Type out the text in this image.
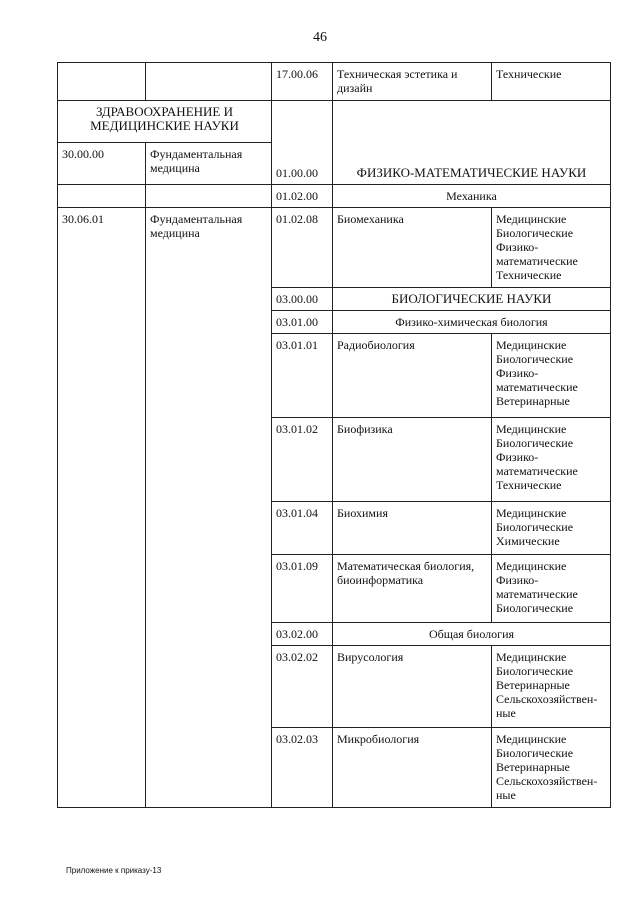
46
		17.00.06	Техническая эстетика и дизайн	Технические
ЗДРАВООХРАНЕНИЕ И МЕДИЦИНСКИЕ НАУКИ		01.00.00	ФИЗИКО-МАТЕМАТИЧЕСКИЕ НАУКИ	
30.00.00	Фундаментальная медицина			
		01.02.00	Механика	
30.06.01	Фундаментальная медицина	01.02.08	Биомеханика	Медицинские
Биологические
Физико-
математические
Технические
		03.00.00	БИОЛОГИЧЕСКИЕ НАУКИ	
		03.01.00	Физико-химическая биология	
		03.01.01	Радиобиология	Медицинские
Биологические
Физико-
математические
Ветеринарные
		03.01.02	Биофизика	Медицинские
Биологические
Физико-
математические
Технические
		03.01.04	Биохимия	Медицинские
Биологические
Химические
		03.01.09	Математическая биология, биоинформатика	Медицинские
Физико-
математические
Биологические
		03.02.00	Общая биология	
		03.02.02	Вирусология	Медицинские
Биологические
Ветеринарные
Сельскохозяйствен-
ные
		03.02.03	Микробиология	Медицинские
Биологические
Ветеринарные
Сельскохозяйствен-
ные
Приложение к приказу-13
